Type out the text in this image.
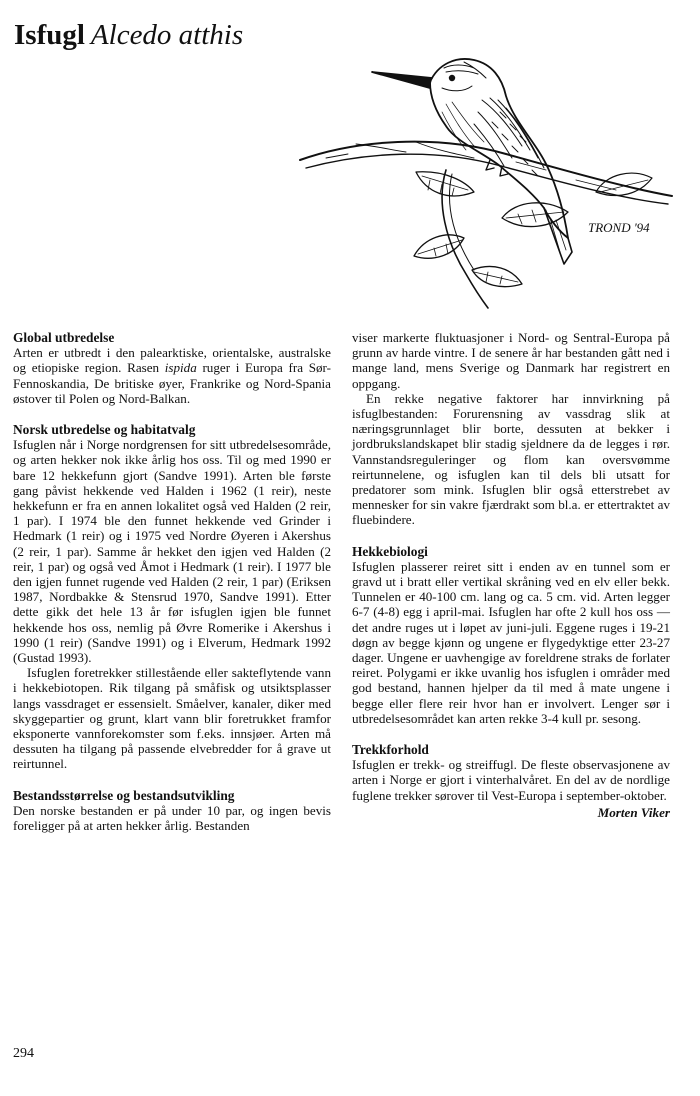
Isfugl Alcedo atthis
TROND '94
Global utbredelse

Arten er utbredt i den palearktiske, orientalske, australske og etiopiske region. Rasen ispida ruger i Europa fra Sør-Fennoskandia, De britiske øyer, Frankrike og Nord-Spania østover til Polen og Nord-Balkan.

Norsk utbredelse og habitatvalg

Isfuglen når i Norge nordgrensen for sitt utbredelsesområde, og arten hekker nok ikke årlig hos oss. Til og med 1990 er bare 12 hekkefunn gjort (Sandve 1991). Arten ble første gang påvist hekkende ved Halden i 1962 (1 reir), neste hekkefunn er fra en annen lokalitet også ved Halden (2 reir, 1 par). I 1974 ble den funnet hekkende ved Grinder i Hedmark (1 reir) og i 1975 ved Nordre Øyeren i Akershus (2 reir, 1 par). Samme år hekket den igjen ved Halden (2 reir, 1 par) og også ved Åmot i Hedmark (1 reir). I 1977 ble den igjen funnet rugende ved Halden (2 reir, 1 par) (Eriksen 1987, Nordbakke & Stensrud 1970, Sandve 1991). Etter dette gikk det hele 13 år før isfuglen igjen ble funnet hekkende hos oss, nemlig på Øvre Romerike i Akershus i 1990 (1 reir) (Sandve 1991) og i Elverum, Hedmark 1992 (Gustad 1993).

Isfuglen foretrekker stillestående eller sakteflytende vann i hekkebiotopen. Rik tilgang på småfisk og utsiktsplasser langs vassdraget er essensielt. Småelver, kanaler, diker med skyggepartier og grunt, klart vann blir foretrukket framfor eksponerte vannforekomster som f.eks. innsjøer. Arten må dessuten ha tilgang på passende elvebredder for å grave ut reirtunnel.

Bestandsstørrelse og bestandsutvikling

Den norske bestanden er på under 10 par, og ingen bevis foreligger på at arten hekker årlig. Bestanden

viser markerte fluktuasjoner i Nord- og Sentral-Europa på grunn av harde vintre. I de senere år har bestanden gått ned i mange land, mens Sverige og Danmark har registrert en oppgang.

En rekke negative faktorer har innvirkning på isfuglbestanden: Forurensning av vassdrag slik at næringsgrunnlaget blir borte, dessuten at bekker i jordbrukslandskapet blir stadig sjeldnere da de legges i rør. Vannstandsreguleringer og flom kan oversvømme reirtunnelene, og isfuglen kan til dels bli utsatt for predatorer som mink. Isfuglen blir også etterstrebet av mennesker for sin vakre fjærdrakt som bl.a. er ettertraktet av fluebindere.

Hekkebiologi

Isfuglen plasserer reiret sitt i enden av en tunnel som er gravd ut i bratt eller vertikal skråning ved en elv eller bekk. Tunnelen er 40-100 cm. lang og ca. 5 cm. vid. Arten legger 6-7 (4-8) egg i april-mai. Isfuglen har ofte 2 kull hos oss — det andre ruges ut i løpet av juni-juli. Eggene ruges i 19-21 døgn av begge kjønn og ungene er flygedyktige etter 23-27 dager. Ungene er uavhengige av foreldrene straks de forlater reiret. Polygami er ikke uvanlig hos isfuglen i områder med god bestand, hannen hjelper da til med å mate ungene i begge eller flere reir hvor han er involvert. Lenger sør i utbredelsesområdet kan arten rekke 3-4 kull pr. sesong.

Trekkforhold

Isfuglen er trekk- og streiffugl. De fleste observasjonene av arten i Norge er gjort i vinterhalvåret. En del av de nordlige fuglene trekker sørover til Vest-Europa i september-oktober.

Morten Viker

294
